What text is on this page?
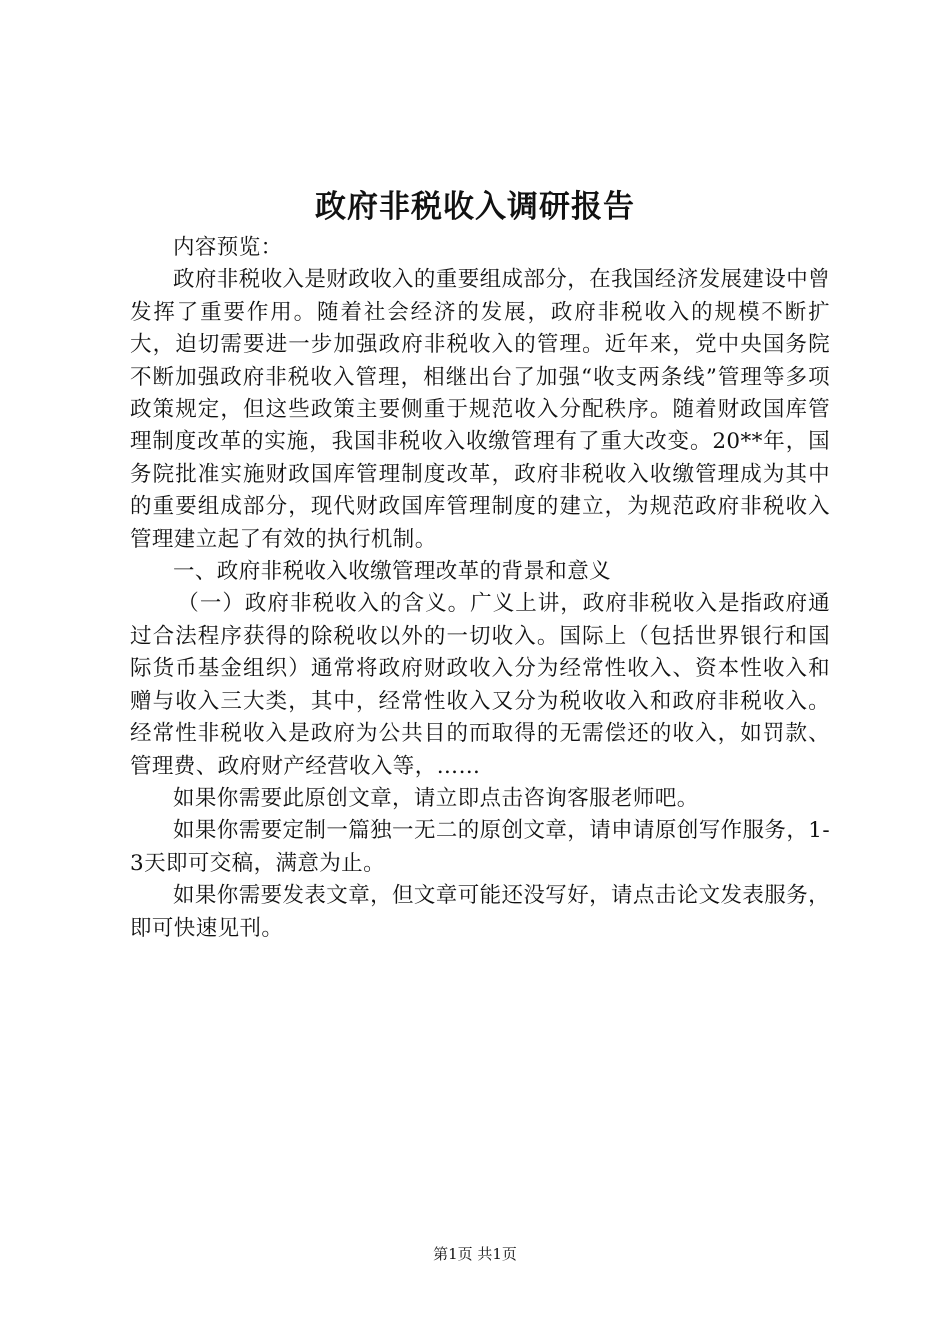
政府非税收入调研报告

内容预览：

政府非税收入是财政收入的重要组成部分，在我国经济发展建设中曾发挥了重要作用。随着社会经济的发展，政府非税收入的规模不断扩大，迫切需要进一步加强政府非税收入的管理。近年来，党中央国务院不断加强政府非税收入管理，相继出台了加强“收支两条线”管理等多项政策规定，但这些政策主要侧重于规范收入分配秩序。随着财政国库管理制度改革的实施，我国非税收入收缴管理有了重大改变。20**年，国务院批准实施财政国库管理制度改革，政府非税收入收缴管理成为其中的重要组成部分，现代财政国库管理制度的建立，为规范政府非税收入管理建立起了有效的执行机制。

一、政府非税收入收缴管理改革的背景和意义

（一）政府非税收入的含义。广义上讲，政府非税收入是指政府通过合法程序获得的除税收以外的一切收入。国际上（包括世界银行和国际货币基金组织）通常将政府财政收入分为经常性收入、资本性收入和赠与收入三大类，其中，经常性收入又分为税收收入和政府非税收入。经常性非税收入是政府为公共目的而取得的无需偿还的收入，如罚款、管理费、政府财产经营收入等，……

如果你需要此原创文章，请立即点击咨询客服老师吧。

如果你需要定制一篇独一无二的原创文章，请申请原创写作服务，1-3天即可交稿，满意为止。

如果你需要发表文章，但文章可能还没写好，请点击论文发表服务，即可快速见刊。

第1页 共1页
